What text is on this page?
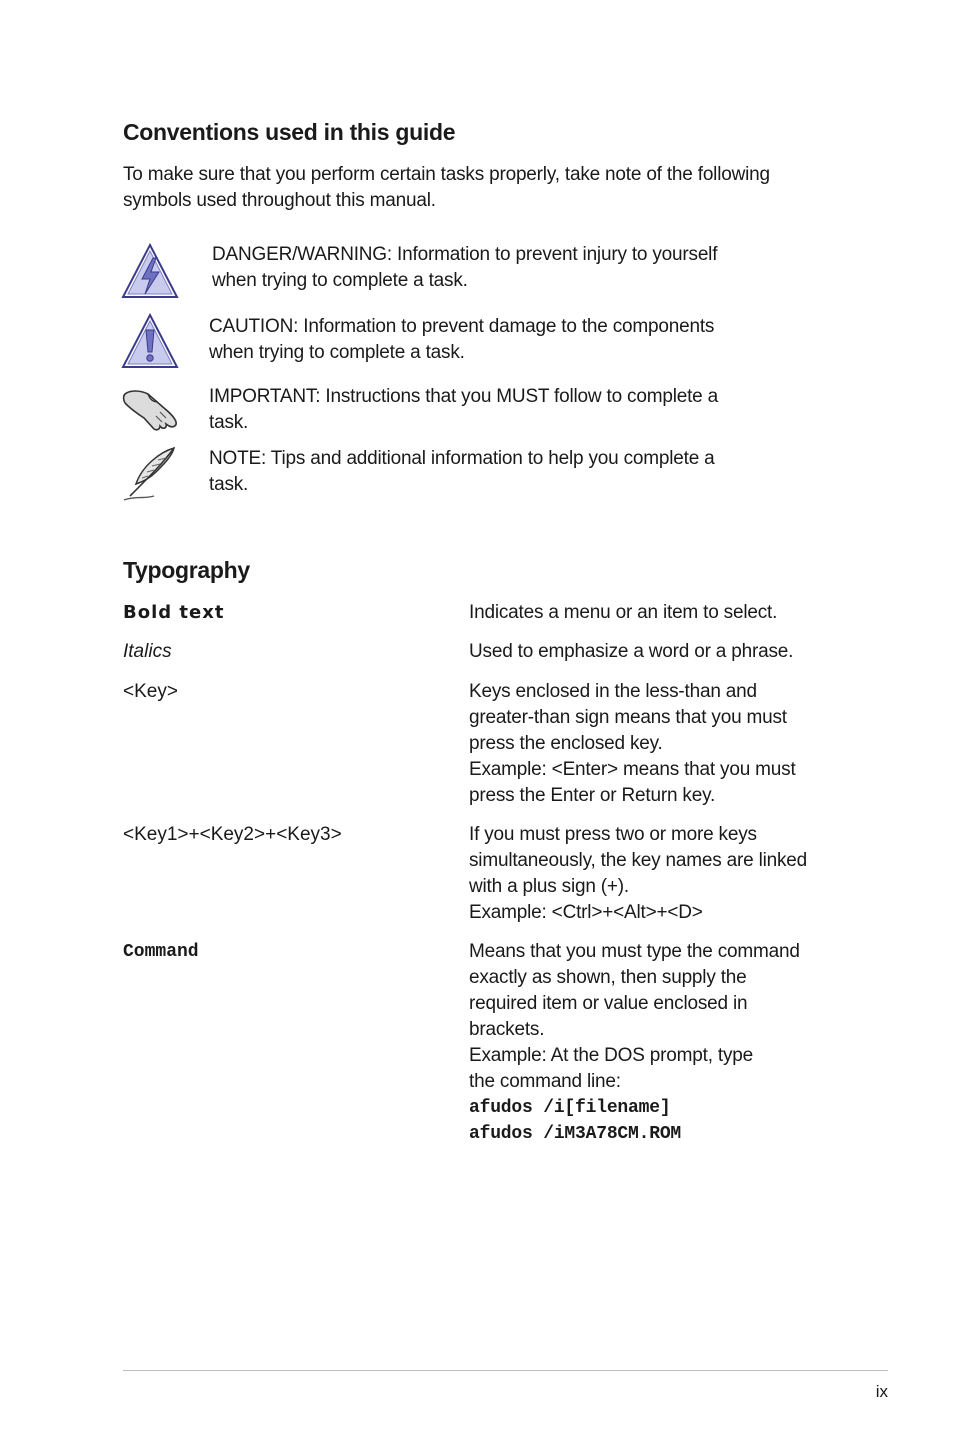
Conventions used in this guide
To make sure that you perform certain tasks properly, take note of the following
symbols used throughout this manual.
DANGER/WARNING: Information to prevent injury to yourself
when trying to complete a task.
CAUTION: Information to prevent damage to the components
when trying to complete a task.
IMPORTANT: Instructions that you MUST follow to complete a
task.
NOTE: Tips and additional information to help you complete a
task.
Typography
Bold text	Indicates a menu or an item to select.
Italics	Used to emphasize a word or a phrase.
<Key>	Keys enclosed in the less-than and
greater-than sign means that you must
press the enclosed key.
Example: <Enter> means that you must
press the Enter or Return key.
<Key1>+<Key2>+<Key3>	If you must press two or more keys
simultaneously, the key names are linked
with a plus sign (+).
Example: <Ctrl>+<Alt>+<D>
Command	Means that you must type the command
exactly as shown, then supply the
required item or value enclosed in
brackets.
Example: At the DOS prompt, type
the command line:
afudos /i[filename]
afudos /iM3A78CM.ROM
ix
